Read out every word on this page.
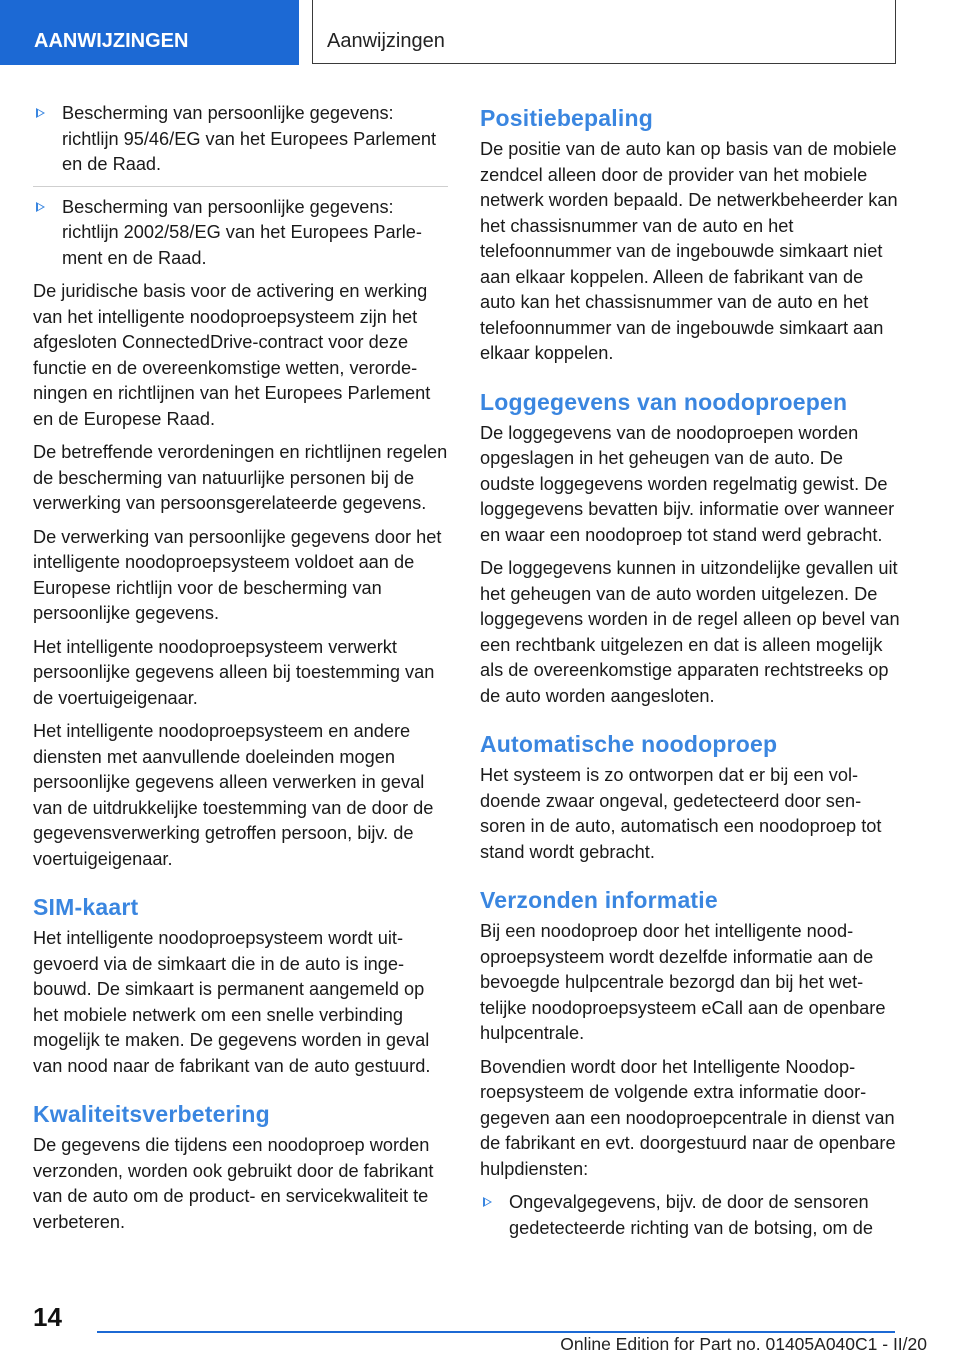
AANWIJZINGEN	Aanwijzingen
Bescherming van persoonlijke gegevens: richtlijn 95/46/EG van het Europees Parlement en de Raad.
Bescherming van persoonlijke gegevens: richtlijn 2002/58/EG van het Europees Parlement en de Raad.

De juridische basis voor de activering en werking van het intelligente noodoproepsysteem zijn het afgesloten ConnectedDrive-contract voor deze functie en de overeenkomstige wetten, verordeningen en richtlijnen van het Europees Parlement en de Europese Raad.

De betreffende verordeningen en richtlijnen regelen de bescherming van natuurlijke personen bij de verwerking van persoonsgerelateerde gegevens.

De verwerking van persoonlijke gegevens door het intelligente noodoproepsysteem voldoet aan de Europese richtlijn voor de bescherming van persoonlijke gegevens.

Het intelligente noodoproepsysteem verwerkt persoonlijke gegevens alleen bij toestemming van de voertuigeigenaar.

Het intelligente noodoproepsysteem en andere diensten met aanvullende doeleinden mogen persoonlijke gegevens alleen verwerken in geval van de uitdrukkelijke toestemming van de door de gegevensverwerking getroffen persoon, bijv. de voertuigeigenaar.

SIM-kaart

Het intelligente noodoproepsysteem wordt uitgevoerd via de simkaart die in de auto is ingebouwd. De simkaart is permanent aangemeld op het mobiele netwerk om een snelle verbinding mogelijk te maken. De gegevens worden in geval van nood naar de fabrikant van de auto gestuurd.

Kwaliteitsverbetering

De gegevens die tijdens een noodoproep worden verzonden, worden ook gebruikt door de fabrikant van de auto om de product- en servicekwaliteit te verbeteren.

Positiebepaling

De positie van de auto kan op basis van de mobiele zendcel alleen door de provider van het mobiele netwerk worden bepaald. De netwerkbeheerder kan het chassisnummer van de auto en het telefoonnummer van de ingebouwde simkaart niet aan elkaar koppelen. Alleen de fabrikant van de auto kan het chassisnummer van de auto en het telefoonnummer van de ingebouwde simkaart aan elkaar koppelen.

Loggegevens van noodoproepen

De loggegevens van de noodoproepen worden opgeslagen in het geheugen van de auto. De oudste loggegevens worden regelmatig gewist. De loggegevens bevatten bijv. informatie over wanneer en waar een noodoproep tot stand werd gebracht.

De loggegevens kunnen in uitzondelijke gevallen uit het geheugen van de auto worden uitgelezen. De loggegevens worden in de regel alleen op bevel van een rechtbank uitgelezen en dat is alleen mogelijk als de overeenkomstige apparaten rechtstreeks op de auto worden aangesloten.

Automatische noodoproep

Het systeem is zo ontworpen dat er bij een voldoende zwaar ongeval, gedetecteerd door sensoren in de auto, automatisch een noodoproep tot stand wordt gebracht.

Verzonden informatie

Bij een noodoproep door het intelligente noodoproepsysteem wordt dezelfde informatie aan de bevoegde hulpcentrale bezorgd dan bij het wettelijke noodoproepsysteem eCall aan de openbare hulpcentrale.

Bovendien wordt door het Intelligente Noodoproepsysteem de volgende extra informatie doorgegeven aan een noodoproepcentrale in dienst van de fabrikant en evt. doorgestuurd naar de openbare hulpdiensten:

Ongevalgegevens, bijv. de door de sensoren gedetecteerde richting van de botsing, om de
14
Online Edition for Part no. 01405A040C1 - II/20
